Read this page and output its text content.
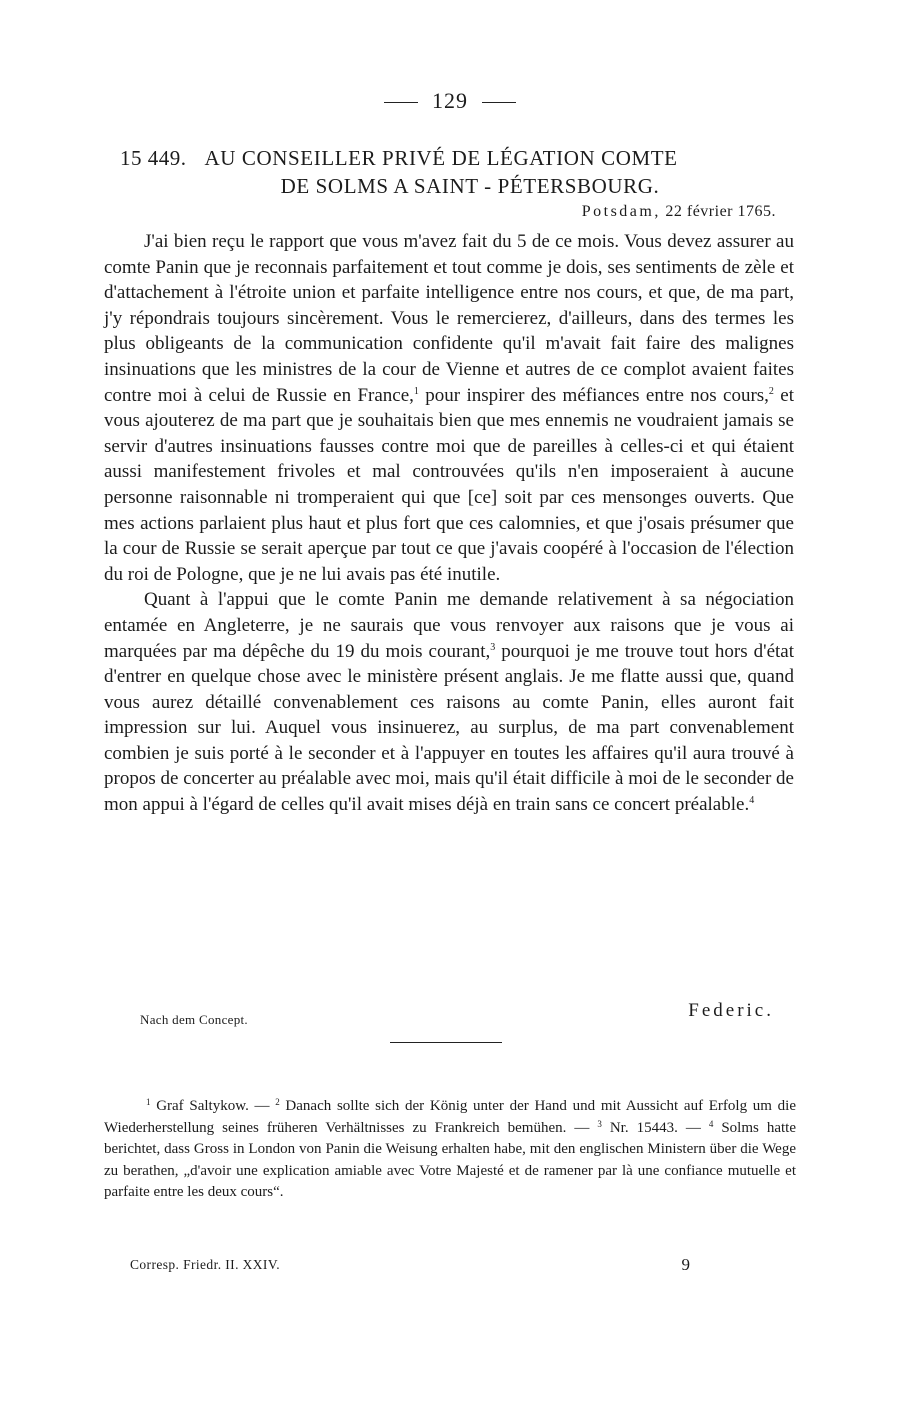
129
15 449. AU CONSEILLER PRIVÉ DE LÉGATION COMTE
DE SOLMS A SAINT - PÉTERSBOURG.
Potsdam, 22 février 1765.

J'ai bien reçu le rapport que vous m'avez fait du 5 de ce mois. Vous devez assurer au comte Panin que je reconnais parfaitement et tout comme je dois, ses sentiments de zèle et d'attachement à l'étroite union et parfaite intelligence entre nos cours, et que, de ma part, j'y répondrais toujours sincèrement. Vous le remercierez, d'ailleurs, dans des termes les plus obligeants de la communication confidente qu'il m'avait fait faire des malignes insinuations que les ministres de la cour de Vienne et autres de ce complot avaient faites contre moi à celui de Russie en France,$^1$ pour inspirer des méfiances entre nos cours,$^2$ et vous ajouterez de ma part que je souhaitais bien que mes ennemis ne voudraient jamais se servir d'autres insinuations fausses contre moi que de pareilles à celles-ci et qui étaient aussi manifestement frivoles et mal controuvées qu'ils n'en imposeraient à aucune personne raisonnable ni tromperaient qui que [ce] soit par ces mensonges ouverts. Que mes actions parlaient plus haut et plus fort que ces calomnies, et que j'osais présumer que la cour de Russie se serait aperçue par tout ce que j'avais coopéré à l'occasion de l'élection du roi de Pologne, que je ne lui avais pas été inutile.

Quant à l'appui que le comte Panin me demande relativement à sa négociation entamée en Angleterre, je ne saurais que vous renvoyer aux raisons que je vous ai marquées par ma dépêche du 19 du mois courant,$^3$ pourquoi je me trouve tout hors d'état d'entrer en quelque chose avec le ministère présent anglais. Je me flatte aussi que, quand vous aurez détaillé convenablement ces raisons au comte Panin, elles auront fait impression sur lui. Auquel vous insinuerez, au surplus, de ma part convenablement combien je suis porté à le seconder et à l'appuyer en toutes les affaires qu'il aura trouvé à propos de concerter au préalable avec moi, mais qu'il était difficile à moi de le seconder de mon appui à l'égard de celles qu'il avait mises déjà en train sans ce concert préalable.$^4$

Nach dem Concept.	Federic.

$^1$ Graf Saltykow. — $^2$ Danach sollte sich der König unter der Hand und mit Aussicht auf Erfolg um die Wiederherstellung seines früheren Verhältnisses zu Frankreich bemühen. — $^3$ Nr. 15443. — $^4$ Solms hatte berichtet, dass Gross in London von Panin die Weisung erhalten habe, mit den englischen Ministern über die Wege zu berathen, „d'avoir une explication amiable avec Votre Majesté et de ramener par là une confiance mutuelle et parfaite entre les deux cours“.

Corresp. Friedr. II. XXIV.	9
